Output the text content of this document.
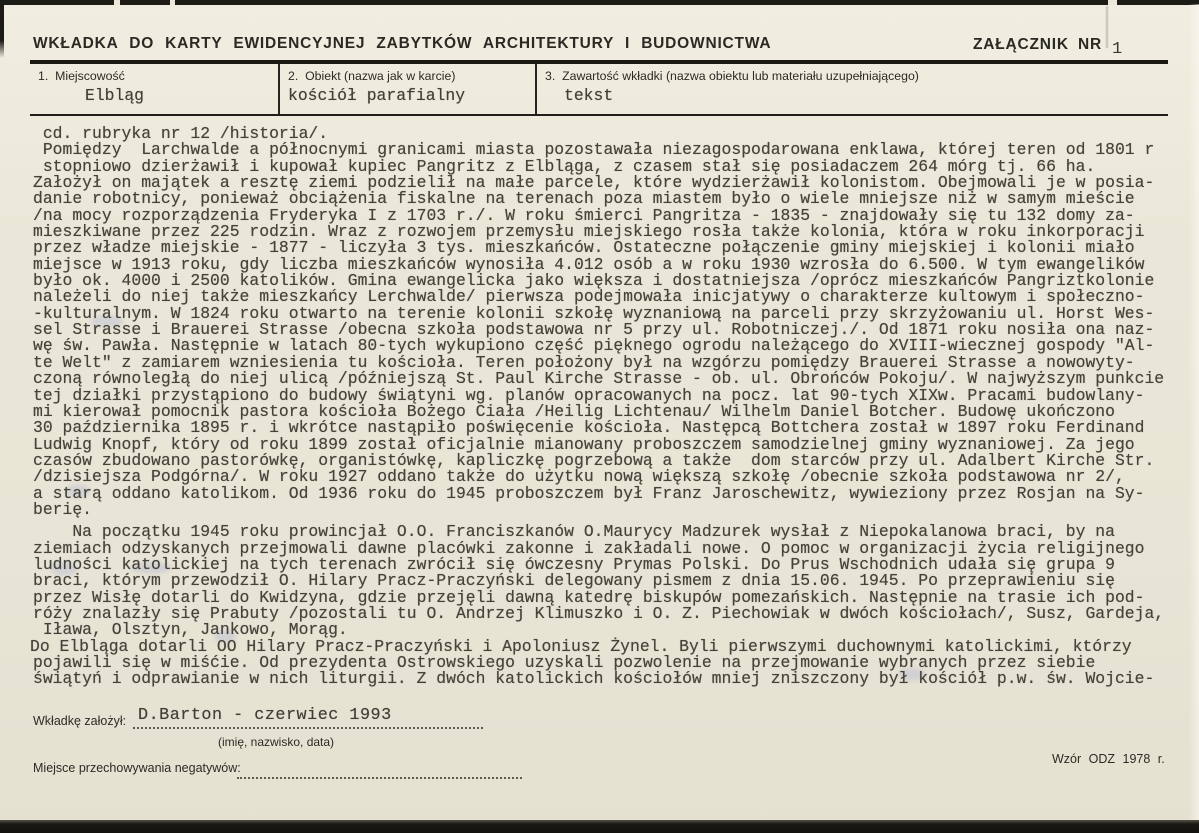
WKŁADKA DO KARTY EWIDENCYJNEJ ZABYTKÓW ARCHITEKTURY I BUDOWNICTWA	ZAŁĄCZNIK NR 1
1.  Miejscowość
Elbląg
2.  Obiekt (nazwa jak w karcie)
kościół parafialny
3.  Zawartość wkładki (nazwa obiektu lub materiału uzupełniającego)
tekst
cd. rubryka nr 12 /historia/.
Pomiędzy  Larchwalde a północnymi granicami miasta pozostawała niezagospodarowana enklawa, której teren od 1801 r
stopniowo dzierżawił i kupował kupiec Pangritz z Elbląga, z czasem stał się posiadaczem 264 mórg tj. 66 ha.
Założył on majątek a resztę ziemi podzielił na małe parcele, które wydzierżawił kolonistom. Obejmowali je w posia-
danie robotnicy, ponieważ obciążenia fiskalne na terenach poza miastem było o wiele mniejsze niż w samym mieście
/na mocy rozporządzenia Fryderyka I z 1703 r./. W roku śmierci Pangritza - 1835 - znajdowały się tu 132 domy za-
mieszkiwane przez 225 rodzin. Wraz z rozwojem przemysłu miejskiego rosła także kolonia, która w roku inkorporacji
przez władze miejskie - 1877 - liczyła 3 tys. mieszkańców. Ostateczne połączenie gminy miejskiej i kolonii miało
miejsce w 1913 roku, gdy liczba mieszkańców wynosiła 4.012 osób a w roku 1930 wzrosła do 6.500. W tym ewangelików
było ok. 4000 i 2500 katolików. Gmina ewangelicka jako większa i dostatniejsza /oprócz mieszkańców Pangriztkolonie
należeli do niej także mieszkańcy Lerchwalde/ pierwsza podejmowała inicjatywy o charakterze kultowym i społeczno-
-kulturalnym. W 1824 roku otwarto na terenie kolonii szkołę wyznaniową na parceli przy skrzyżowaniu ul. Horst Wes-
sel Strasse i Brauerei Strasse /obecna szkoła podstawowa nr 5 przy ul. Robotniczej./. Od 1871 roku nosiła ona naz-
wę św. Pawła. Następnie w latach 80-tych wykupiono część pięknego ogrodu należącego do XVIII-wiecznej gospody "Al-
te Welt" z zamiarem wzniesienia tu kościoła. Teren położony był na wzgórzu pomiędzy Brauerei Strasse a nowowyty-
czoną równoległą do niej ulicą /późniejszą St. Paul Kirche Strasse - ob. ul. Obrońców Pokoju/. W najwyższym punkcie
tej działki przystąpiono do budowy świątyni wg. planów opracowanych na pocz. lat 90-tych XIXw. Pracami budowlany-
mi kierował pomocnik pastora kościoła Bożego Ciała /Heilig Lichtenau/ Wilhelm Daniel Botcher. Budowę ukończono
30 października 1895 r. i wkrótce nastąpiło poświęcenie kościoła. Następcą Bottchera został w 1897 roku Ferdinand
Ludwig Knopf, który od roku 1899 został oficjalnie mianowany proboszczem samodzielnej gminy wyznaniowej. Za jego
czasów zbudowano pastorówkę, organistówkę, kapliczkę pogrzebową a także  dom starców przy ul. Adalbert Kirche Str.
/dzisiejsza Podgórna/. W roku 1927 oddano także do użytku nową większą szkołę /obecnie szkoła podstawowa nr 2/,
a starą oddano katolikom. Od 1936 roku do 1945 proboszczem był Franz Jaroschewitz, wywieziony przez Rosjan na Sy-
berię.
Na początku 1945 roku prowincjał O.O. Franciszkanów O.Maurycy Madzurek wysłał z Niepokalanowa braci, by na
ziemiach odzyskanych przejmowali dawne placówki zakonne i zakładali nowe. O pomoc w organizacji życia religijnego
ludności katolickiej na tych terenach zwrócił się ówczesny Prymas Polski. Do Prus Wschodnich udała się grupa 9
braci, którym przewodził O. Hilary Pracz-Praczyński delegowany pismem z dnia 15.06. 1945. Po przeprawieniu się
przez Wisłę dotarli do Kwidzyna, gdzie przejęli dawną katedrę biskupów pomezańskich. Następnie na trasie ich pod-
róży znalazły się Prabuty /pozostali tu O. Andrzej Klimuszko i O. Z. Piechowiak w dwóch kościołach/, Susz, Gardeja,
Iława, Olsztyn, Jankowo, Morąg.
Do Elbląga dotarli OO Hilary Pracz-Praczyński i Apoloniusz Żynel. Byli pierwszymi duchownymi katolickimi, którzy
pojawili się w miśćie. Od prezydenta Ostrowskiego uzyskali pozwolenie na przejmowanie wybranych przez siebie
świątyń i odprawianie w nich liturgii. Z dwóch katolickich kościołów mniej zniszczony był kościół p.w. św. Wojcie-
Wkładkę założył: D.Barton - czerwiec 1993
(imię, nazwisko, data)
Miejsce przechowywania negatywów:
Wzór ODZ 1978 r.
